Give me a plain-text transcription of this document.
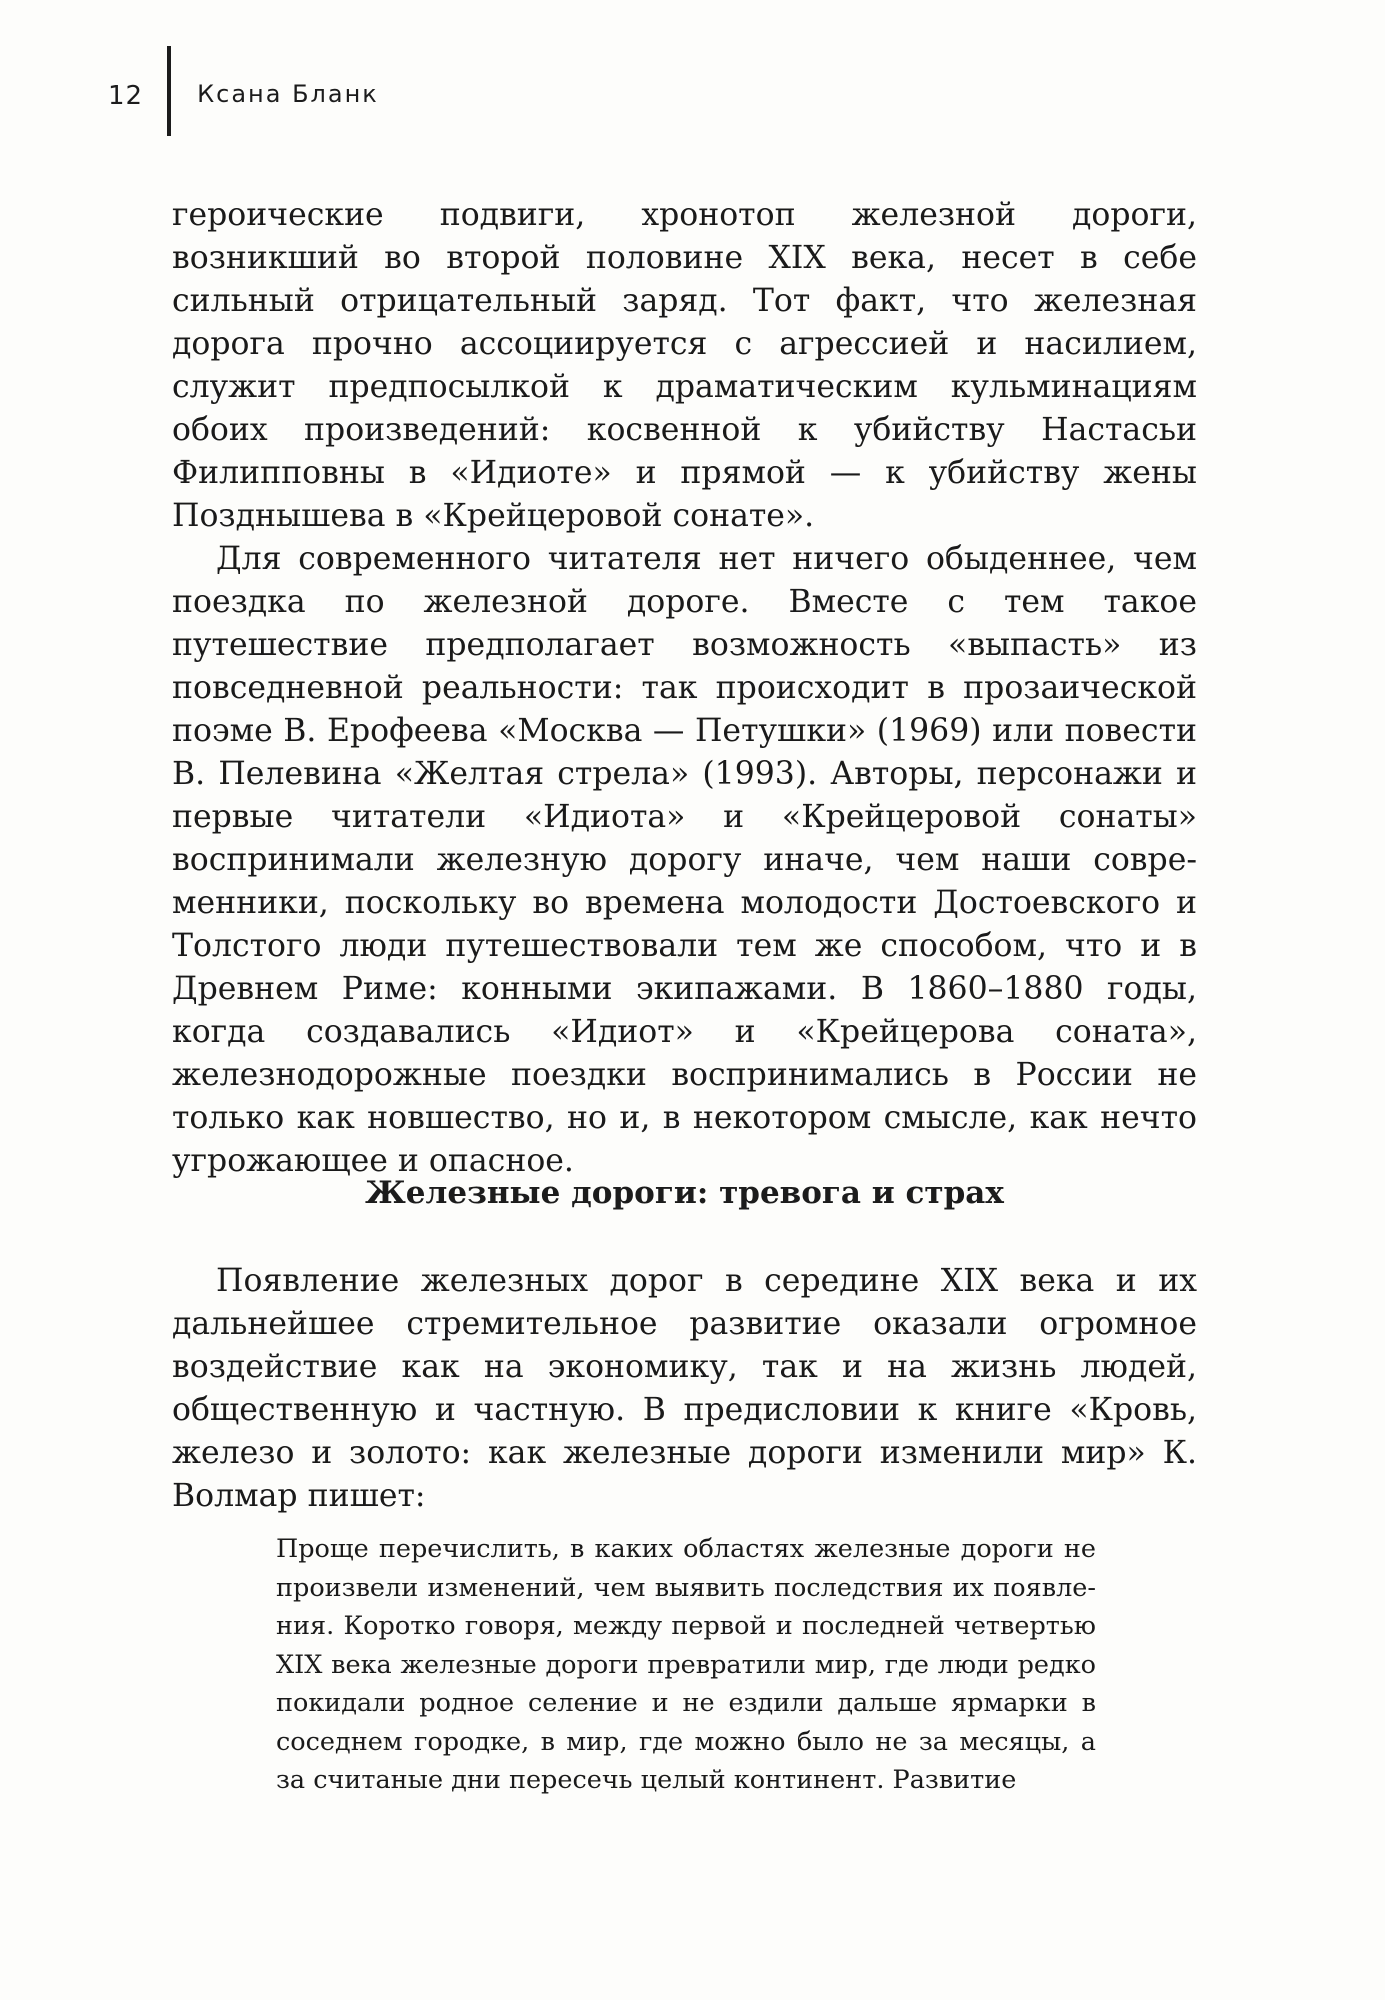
12 Ксана Бланк

героические подвиги, хронотоп железной дороги, возникший во второй половине XIX века, несет в себе сильный отрицательный заряд. Тот факт, что железная дорога прочно ассоциируется с агрессией и насилием, служит предпосылкой к драматическим кульминациям обоих произведений: косвенной к убийству Настасьи Филипповны в «Идиоте» и прямой — к убийству жены Позднышева в «Крейцеровой сонате».

Для современного читателя нет ничего обыденнее, чем поездка по железной дороге. Вместе с тем такое путешествие предполагает возможность «выпасть» из повседневной реальности: так происходит в прозаической поэме В. Ерофеева «Москва — Петушки» (1969) или повести В. Пелевина «Желтая стрела» (1993). Авторы, персонажи и первые читатели «Идиота» и «Крейцеровой сонаты» воспринимали железную дорогу иначе, чем наши современники, поскольку во времена молодости Достоевского и Толстого люди путешествовали тем же способом, что и в Древнем Риме: конными экипажами. В 1860–1880 годы, когда создавались «Идиот» и «Крейцерова соната», железнодорожные поездки воспринимались в России не только как новшество, но и, в некотором смысле, как нечто угрожающее и опасное.

Железные дороги: тревога и страх

Появление железных дорог в середине XIX века и их дальнейшее стремительное развитие оказали огромное воздействие как на экономику, так и на жизнь людей, общественную и частную. В предисловии к книге «Кровь, железо и золото: как железные дороги изменили мир» К. Волмар пишет:

Проще перечислить, в каких областях железные дороги не произвели изменений, чем выявить последствия их появления. Коротко говоря, между первой и последней четвертью XIX века железные дороги превратили мир, где люди редко покидали родное селение и не ездили дальше ярмарки в соседнем городке, в мир, где можно было не за месяцы, а за считаные дни пересечь целый континент. Развитие
